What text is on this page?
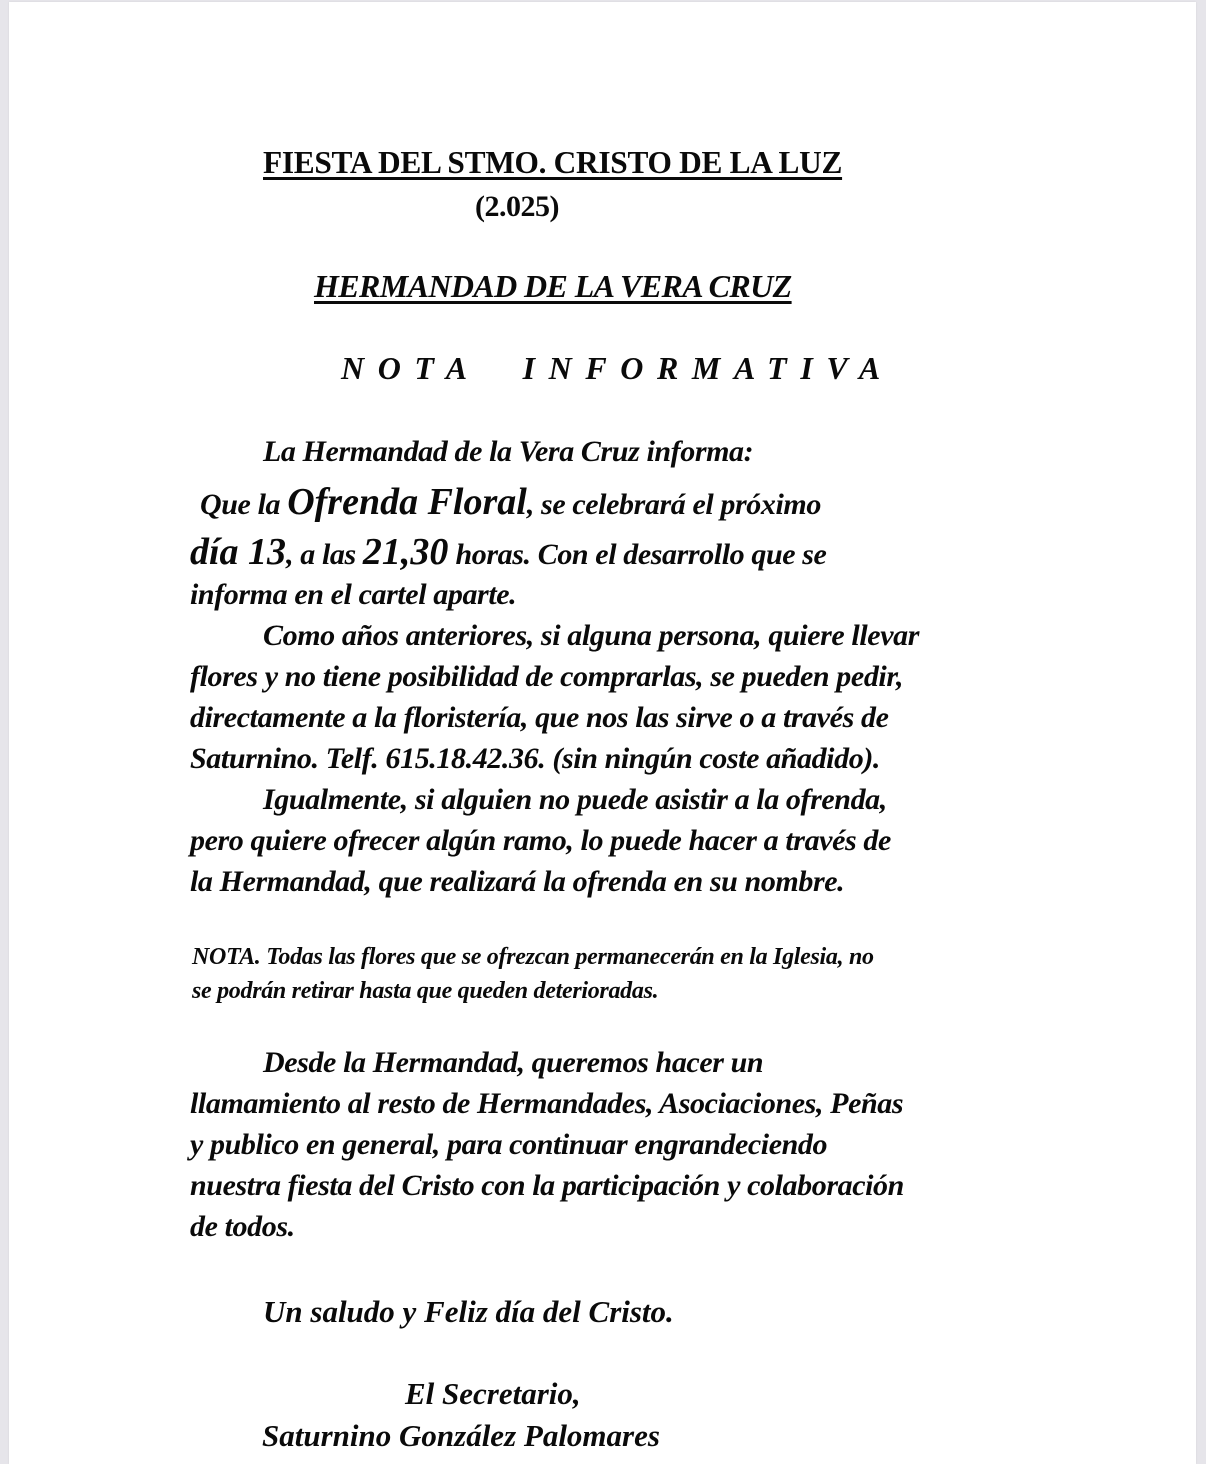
FIESTA DEL STMO. CRISTO DE LA LUZ
(2.025)
HERMANDAD DE LA VERA CRUZ
NOTA INFORMATIVA
La Hermandad de la Vera Cruz informa:
Que la Ofrenda Floral, se celebrará el próximo
día 13, a las 21,30 horas. Con el desarrollo que se
informa en el cartel aparte.
Como años anteriores, si alguna persona, quiere llevar
flores y no tiene posibilidad de comprarlas, se pueden pedir,
directamente a la floristería, que nos las sirve o a través de
Saturnino. Telf. 615.18.42.36. (sin ningún coste añadido).
Igualmente, si alguien no puede asistir a la ofrenda,
pero quiere ofrecer algún ramo, lo puede hacer a través de
la Hermandad, que realizará la ofrenda en su nombre.
NOTA. Todas las flores que se ofrezcan permanecerán en la Iglesia, no
se podrán retirar hasta que queden deterioradas.
Desde la Hermandad, queremos hacer un
llamamiento al resto de Hermandades, Asociaciones, Peñas
y publico en general, para continuar engrandeciendo
nuestra fiesta del Cristo con la participación y colaboración
de todos.
Un saludo y Feliz día del Cristo.
El Secretario,
Saturnino González Palomares
